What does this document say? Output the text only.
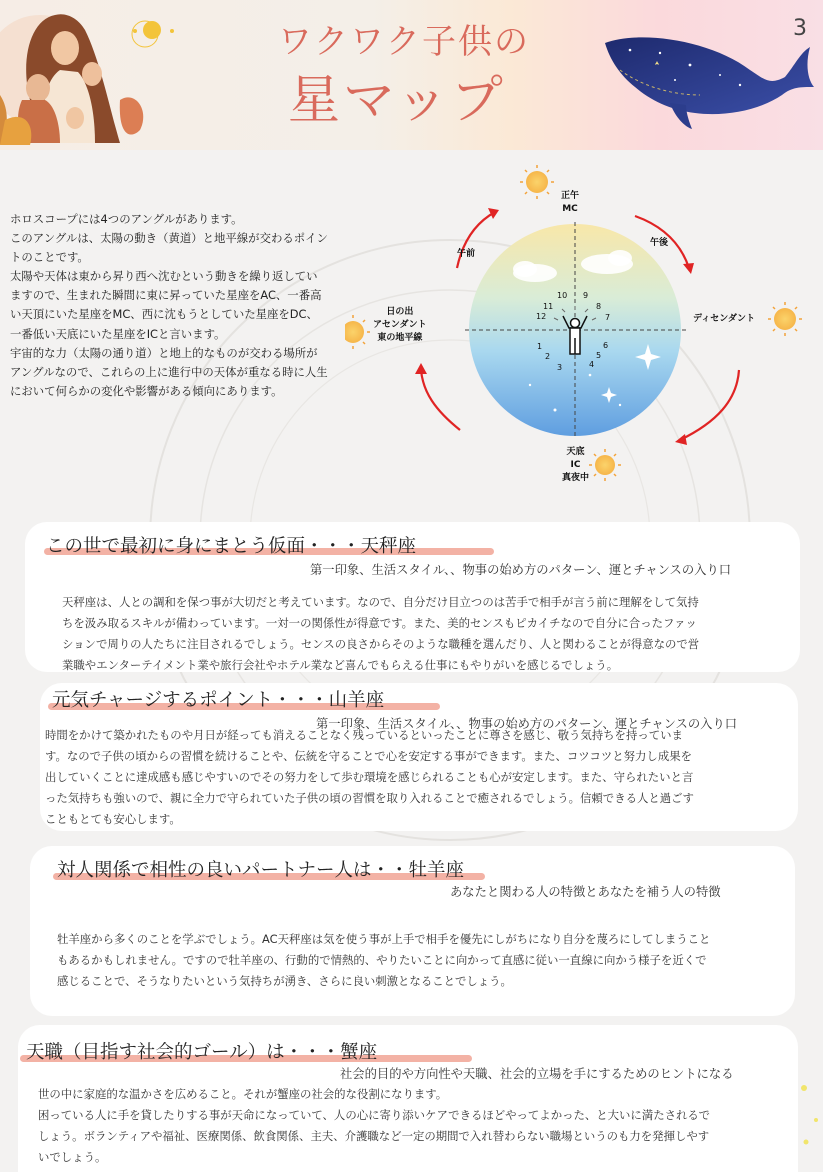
ワクワク子供の
星マップ
3

ホロスコープには4つのアングルがあります。

このアングルは、太陽の動き（黄道）と地平線が交わるポイントのことです。

太陽や天体は東から昇り西へ沈むという動きを繰り返していますので、生まれた瞬間に東に昇っていた星座をAC、一番高い天頂にいた星座をMC、西に沈もうとしていた星座をDC、一番低い天底にいた星座をICと言います。

宇宙的な力（太陽の通り道）と地上的なものが交わる場所がアングルなので、これらの上に進行中の天体が重なる時に人生において何らかの変化や影響がある傾向にあります。

10 9
11	8
12	7
1	6
2	5
3	4
正午
MC
午前
午後
日の出
アセンダント
東の地平線
ディセンダント
天底
IC
真夜中
この世で最初に身にまとう仮面・・・天秤座
第一印象、生活スタイル、、物事の始め方のパターン、運とチャンスの入り口

天秤座は、人との調和を保つ事が大切だと考えています。なので、自分だけ目立つのは苦手で相手が言う前に理解をして気持

ちを汲み取るスキルが備わっています。一対一の関係性が得意です。また、美的センスもピカイチなので自分に合ったファッ

ションで周りの人たちに注目されるでしょう。センスの良さからそのような職種を選んだり、人と関わることが得意なので営

業職やエンターテイメント業や旅行会社やホテル業など喜んでもらえる仕事にもやりがいを感じるでしょう。

元気チャージするポイント・・・山羊座
第一印象、生活スタイル、、物事の始め方のパターン、運とチャンスの入り口

時間をかけて築かれたものや月日が経っても消えることなく残っているといったことに尊さを感じ、敬う気持ちを持っていま

す。なので子供の頃からの習慣を続けることや、伝統を守ることで心を安定する事ができます。また、コツコツと努力し成果を

出していくことに達成感も感じやすいのでその努力をして歩む環境を感じられることも心が安定します。また、守られたいと言

った気持ちも強いので、親に全力で守られていた子供の頃の習慣を取り入れることで癒されるでしょう。信頼できる人と過ごす

こともとても安心します。

対人関係で相性の良いパートナー人は・・牡羊座
あなたと関わる人の特徴とあなたを補う人の特徴

牡羊座から多くのことを学ぶでしょう。AC天秤座は気を使う事が上手で相手を優先にしがちになり自分を蔑ろにしてしまうこと

もあるかもしれません。ですので牡羊座の、行動的で情熱的、やりたいことに向かって直感に従い一直線に向かう様子を近くで

感じることで、そうなりたいという気持ちが湧き、さらに良い刺激となることでしょう。

天職（目指す社会的ゴール）は・・・蟹座
社会的目的や方向性や天職、社会的立場を手にするためのヒントになる

世の中に家庭的な温かさを広めること。それが蟹座の社会的な役割になります。

困っている人に手を貸したりする事が天命になっていて、人の心に寄り添いケアできるほどやってよかった、と大いに満たされるで

しょう。ボランティアや福祉、医療関係、飲食関係、主夫、介護職など一定の期間で入れ替わらない職場というのも力を発揮しやす

いでしょう。
